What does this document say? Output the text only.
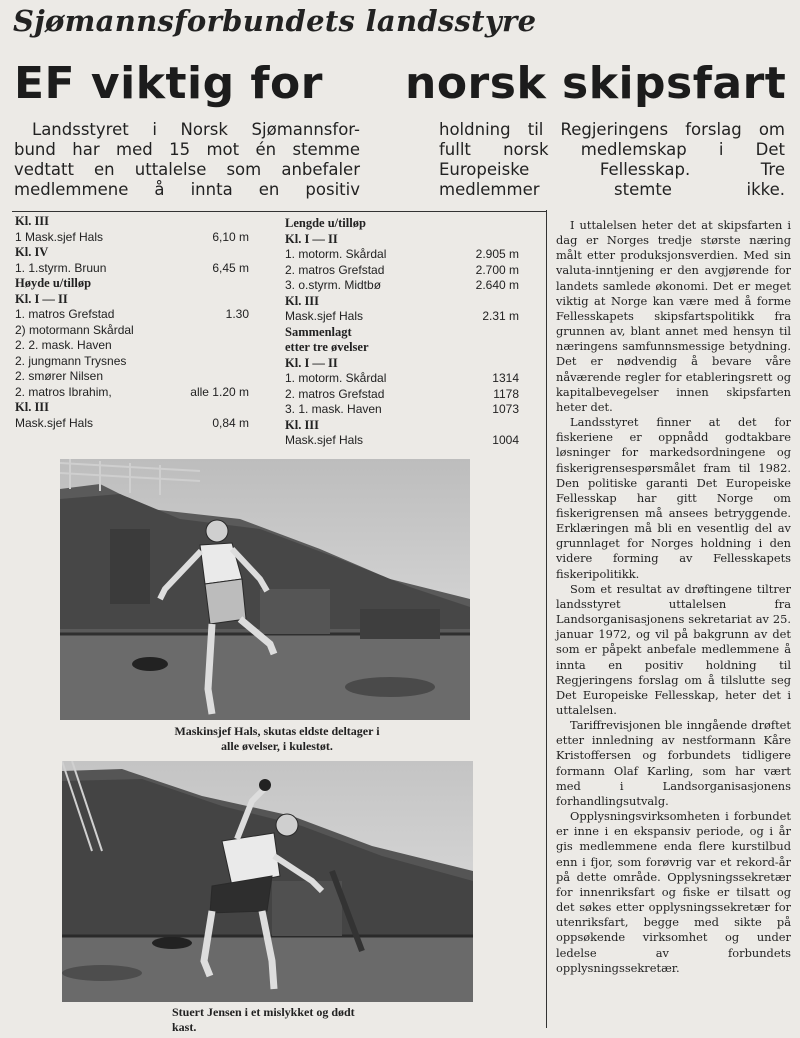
Sjømannsforbundets landsstyre
EF viktig for norsk skipsfart
Landsstyret i Norsk Sjømannsfor-
bund har med 15 mot én stemme
vedtatt en uttalelse som anbefaler
medlemmene å innta en positiv
holdning til Regjeringens forslag om
fullt norsk medlemskap i Det
Europeiske Fellesskap. Tre
medlemmer stemte ikke.
Kl. III
1 Mask.sjef Hals	6,10 m
Kl. IV
1. 1.styrm. Bruun	6,45 m
Høyde u/tilløp
Kl. I — II
1. matros Grefstad	1.30
2) motormann Skårdal
2. 2. mask. Haven
2. jungmann Trysnes
2. smører Nilsen
2. matros Ibrahim,	alle 1.20 m
Kl. III
Mask.sjef Hals	0,84 m
Lengde u/tilløp
Kl. I — II
1. motorm. Skårdal	2.905 m
2. matros Grefstad	2.700 m
3. o.styrm. Midtbø	2.640 m
Kl. III
Mask.sjef Hals	2.31 m
Sammenlagt
etter tre øvelser
Kl. I — II
1. motorm. Skårdal	1314
2. matros Grefstad	1178
3. 1. mask. Haven	1073
Kl. III
Mask.sjef Hals	1004
Maskinsjef Hals, skutas eldste deltager i alle øvelser, i kulestøt.
Stuert Jensen i et mislykket og dødt
kast.

I uttalelsen heter det at skipsfarten i dag er Norges tredje største næring målt etter produksjonsverdien. Med sin valuta-inntjening er den avgjørende for landets samlede økonomi. Det er meget viktig at Norge kan være med å forme Fellesskapets skipsfartspolitikk fra grunnen av, blant annet med hensyn til næringens samfunnsmessige betydning. Det er nødvendig å bevare våre nåværende regler for etableringsrett og kapitalbevegelser innen skipsfarten heter det.

Landsstyret finner at det for fiskeriene er oppnådd godtakbare løsninger for markedsordningene og fiskerigrensespørsmålet fram til 1982. Den politiske garanti Det Europeiske Fellesskap har gitt Norge om fiskerigrensen må ansees betryggende. Erklæringen må bli en vesentlig del av grunnlaget for Norges holdning i den videre forming av Fellesskapets fiskeripolitikk.

Som et resultat av drøftingene tiltrer landsstyret uttalelsen fra Landsorganisasjonens sekretariat av 25. januar 1972, og vil på bakgrunn av det som er påpekt anbefale medlemmene å innta en positiv holdning til Regjeringens forslag om å tilslutte seg Det Europeiske Fellesskap, heter det i uttalelsen.

Tariffrevisjonen ble inngående drøftet etter innledning av nestformann Kåre Kristoffersen og forbundets tidligere formann Olaf Karling, som har vært med i Landsorganisasjonens forhandlingsutvalg.

Opplysningsvirksomheten i forbundet er inne i en ekspansiv periode, og i år gis medlemmene enda flere kurstilbud enn i fjor, som forøvrig var et rekord-år på dette område. Opplysningssekretær for innenriksfart og fiske er tilsatt og det søkes etter opplysningssekretær for utenriksfart, begge med sikte på oppsøkende virksomhet og under ledelse av forbundets opplysningssekretær.
